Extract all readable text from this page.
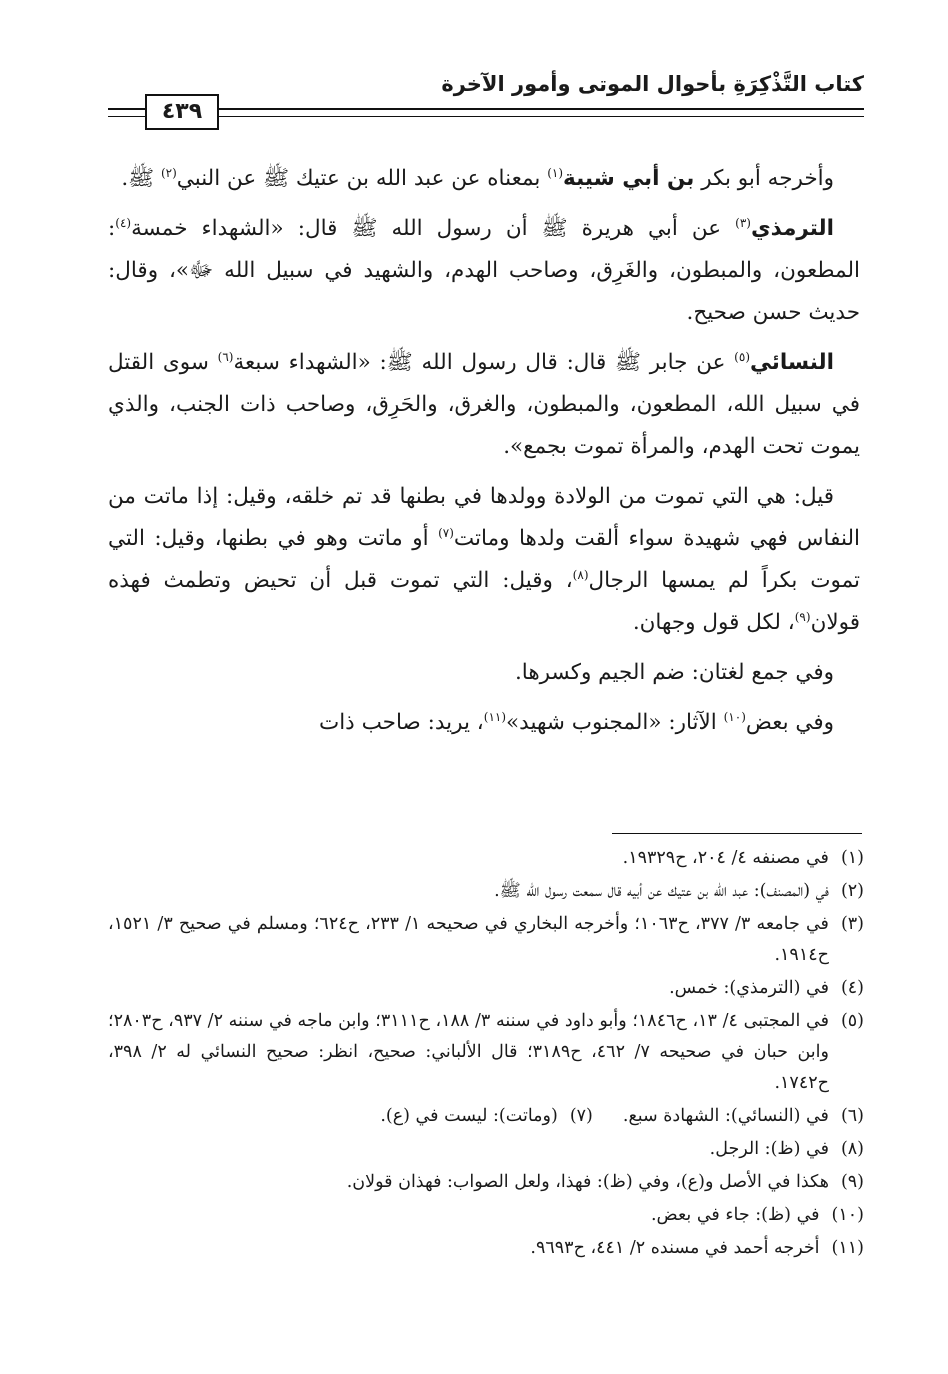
كتاب التَّذْكِرَةِ بأحوال الموتى وأمور الآخرة
٤٣٩

وأخرجه أبو بكر بن أبي شيبة$^{(١)}$ بمعناه عن عبد الله بن عتيك ﷺ عن النبي$^{(٢)}$ ﷺ.

الترمذي$^{(٣)}$ عن أبي هريرة ﷺ أن رسول الله ﷺ قال: «الشهداء خمسة$^{(٤)}$: المطعون، والمبطون، والغَرِق، وصاحب الهدم، والشهيد في سبيل الله ﷻ»، وقال: حديث حسن صحيح.

النسائي$^{(٥)}$ عن جابر ﷺ قال: قال رسول الله ﷺ: «الشهداء سبعة$^{(٦)}$ سوى القتل في سبيل الله، المطعون، والمبطون، والغرق، والحَرِق، وصاحب ذات الجنب، والذي يموت تحت الهدم، والمرأة تموت بجمع».

قيل: هي التي تموت من الولادة وولدها في بطنها قد تم خلقه، وقيل: إذا ماتت من النفاس فهي شهيدة سواء ألقت ولدها وماتت$^{(٧)}$ أو ماتت وهو في بطنها، وقيل: التي تموت بكراً لم يمسها الرجال$^{(٨)}$، وقيل: التي تموت قبل أن تحيض وتطمث فهذه قولان$^{(٩)}$، لكل قول وجهان.

وفي جمع لغتان: ضم الجيم وكسرها.

وفي بعض$^{(١٠)}$ الآثار: «المجنوب شهيد»$^{(١١)}$، يريد: صاحب ذات

(١)
في مصنفه ٤/ ٢٠٤، ح١٩٣٢٩.
(٢)
في (المصنف): عبد الله بن عتيك عن أبيه قال سمعت رسول الله ﷺ.
(٣)
في جامعه ٣/ ٣٧٧، ح١٠٦٣؛ وأخرجه البخاري في صحيحه ١/ ٢٣٣، ح٦٢٤؛ ومسلم في صحيح ٣/ ١٥٢١، ح١٩١٤.
(٤)
في (الترمذي): خمس.
(٥)
في المجتبى ٤/ ١٣، ح١٨٤٦؛ وأبو داود في سننه ٣/ ١٨٨، ح٣١١١؛ وابن ماجه في سننه ٢/ ٩٣٧، ح٢٨٠٣؛ وابن حبان في صحيحه ٧/ ٤٦٢، ح٣١٨٩؛ قال الألباني: صحيح، انظر: صحيح النسائي له ٢/ ٣٩٨، ح١٧٤٢.
(٦)
في (النسائي): الشهادة سبع.
(٧)
(وماتت): ليست في (ع).
(٨)
في (ظ): الرجل.
(٩)
هكذا في الأصل و(ع)، وفي (ظ): فهذا، ولعل الصواب: فهذان قولان.
(١٠)
في (ظ): جاء في بعض.
(١١)
أخرجه أحمد في مسنده ٢/ ٤٤١، ح٩٦٩٣.
